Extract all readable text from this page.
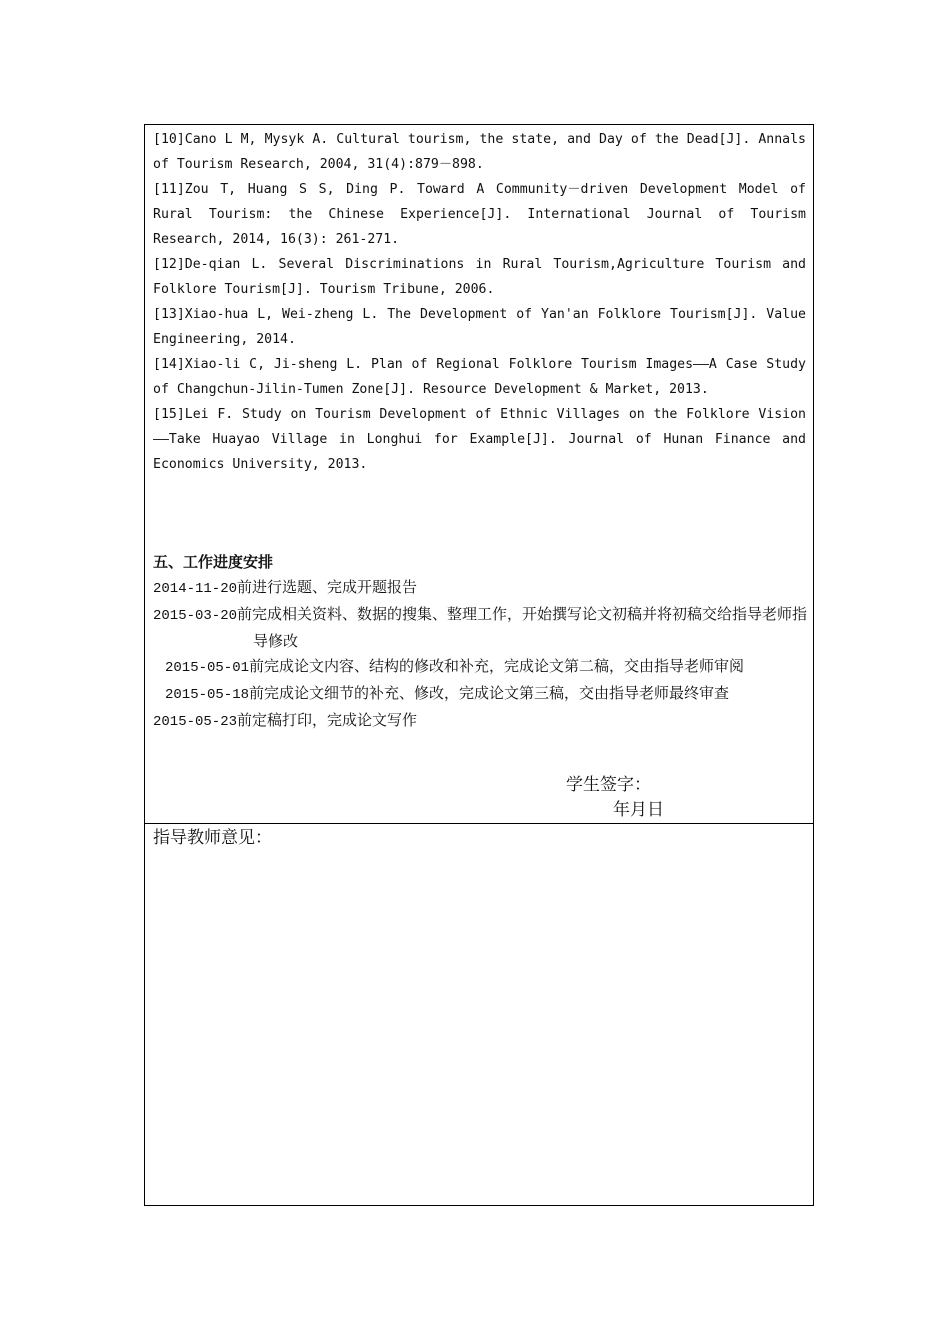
[10]Cano L M, Mysyk A. Cultural tourism, the state, and Day of the Dead[J]. Annals of Tourism Research, 2004, 31(4):879－898.

[11]Zou T, Huang S S, Ding P. Toward A Community－driven Development Model of Rural Tourism: the Chinese Experience[J]. International Journal of Tourism Research, 2014, 16(3): 261-271.

[12]De-qian L. Several Discriminations in Rural Tourism,Agriculture Tourism and Folklore Tourism[J]. Tourism Tribune, 2006.

[13]Xiao-hua L, Wei-zheng L. The Development of Yan'an Folklore Tourism[J]. Value Engineering, 2014.

[14]Xiao-li C, Ji-sheng L. Plan of Regional Folklore Tourism Images——A Case Study of Changchun-Jilin-Tumen Zone[J]. Resource Development & Market, 2013.

[15]Lei F. Study on Tourism Development of Ethnic Villages on the Folklore Vision——Take Huayao Village in Longhui for Example[J]. Journal of Hunan Finance and Economics University, 2013.

五、工作进度安排

2014-11-20前进行选题、完成开题报告

2015-03-20前完成相关资料、数据的搜集、整理工作，开始撰写论文初稿并将初稿交给指导老师指导修改

2015-05-01前完成论文内容、结构的修改和补充，完成论文第二稿，交由指导老师审阅

2015-05-18前完成论文细节的补充、修改，完成论文第三稿，交由指导老师最终审查

2015-05-23前定稿打印，完成论文写作

学生签字：

年月日

指导教师意见：
